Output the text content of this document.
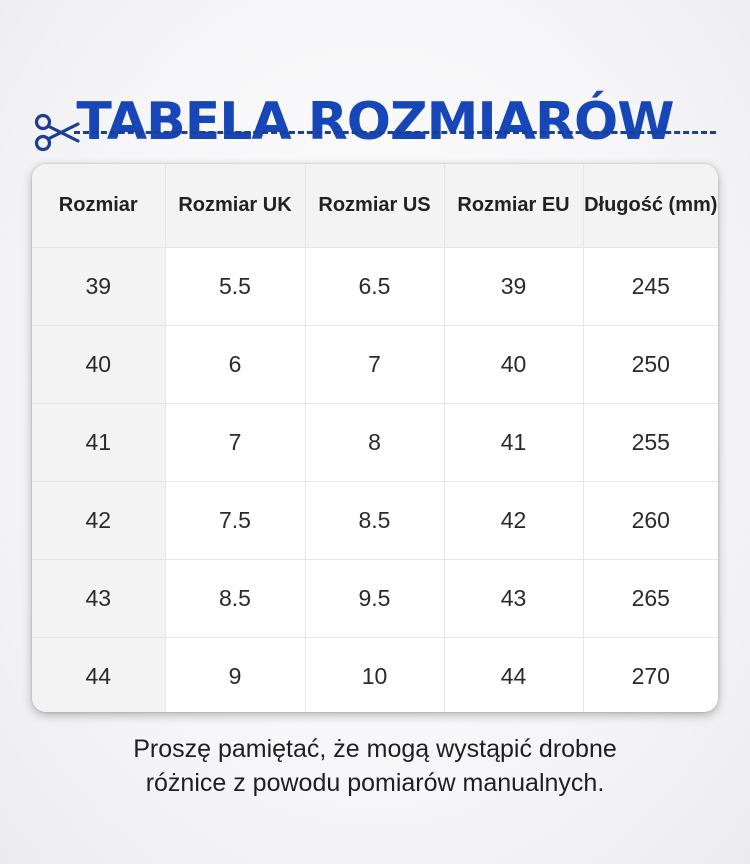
TABELA ROZMIARÓW
Rozmiar	Rozmiar UK	Rozmiar US	Rozmiar EU	Długość (mm)
39	5.5	6.5	39	245
40	6	7	40	250
41	7	8	41	255
42	7.5	8.5	42	260
43	8.5	9.5	43	265
44	9	10	44	270
Proszę pamiętać, że mogą wystąpić drobne
różnice z powodu pomiarów manualnych.
